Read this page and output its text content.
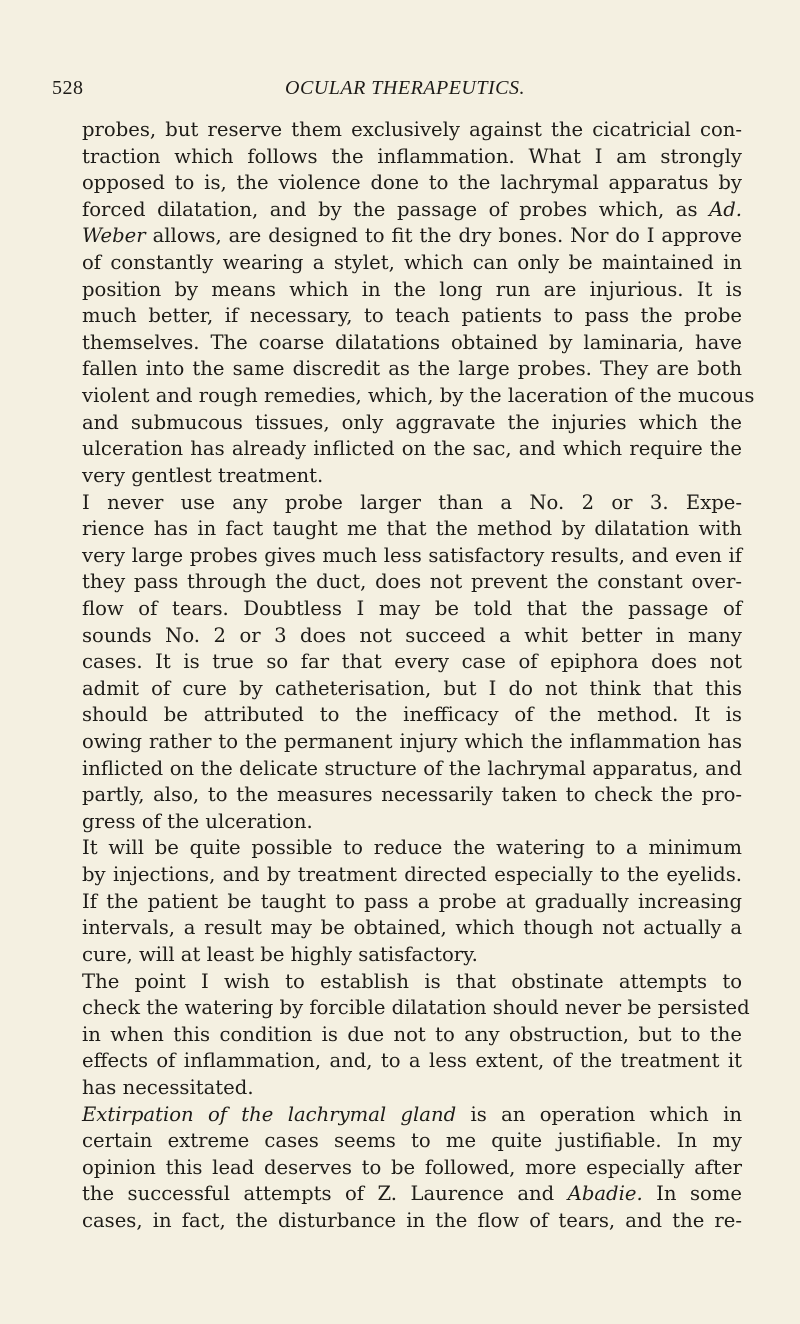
528	OCULAR THERAPEUTICS.
probes, but reserve them exclusively against the cicatricial con-
traction which follows the inflammation. What I am strongly
opposed to is, the violence done to the lachrymal apparatus by
forced dilatation, and by the passage of probes which, as Ad.
Weber allows, are designed to fit the dry bones. Nor do I approve
of constantly wearing a stylet, which can only be maintained in
position by means which in the long run are injurious. It is
much better, if necessary, to teach patients to pass the probe
themselves. The coarse dilatations obtained by laminaria, have
fallen into the same discredit as the large probes. They are both
violent and rough remedies, which, by the laceration of the mucous
and submucous tissues, only aggravate the injuries which the
ulceration has already inflicted on the sac, and which require the
very gentlest treatment.
I never use any probe larger than a No. 2 or 3. Expe-
rience has in fact taught me that the method by dilatation with
very large probes gives much less satisfactory results, and even if
they pass through the duct, does not prevent the constant over-
flow of tears. Doubtless I may be told that the passage of
sounds No. 2 or 3 does not succeed a whit better in many
cases. It is true so far that every case of epiphora does not
admit of cure by catheterisation, but I do not think that this
should be attributed to the inefficacy of the method. It is
owing rather to the permanent injury which the inflammation has
inflicted on the delicate structure of the lachrymal apparatus, and
partly, also, to the measures necessarily taken to check the pro-
gress of the ulceration.
It will be quite possible to reduce the watering to a minimum
by injections, and by treatment directed especially to the eyelids.
If the patient be taught to pass a probe at gradually increasing
intervals, a result may be obtained, which though not actually a
cure, will at least be highly satisfactory.
The point I wish to establish is that obstinate attempts to
check the watering by forcible dilatation should never be persisted
in when this condition is due not to any obstruction, but to the
effects of inflammation, and, to a less extent, of the treatment it
has necessitated.
Extirpation of the lachrymal gland is an operation which in
certain extreme cases seems to me quite justifiable. In my
opinion this lead deserves to be followed, more especially after
the successful attempts of Z. Laurence and Abadie. In some
cases, in fact, the disturbance in the flow of tears, and the re-
